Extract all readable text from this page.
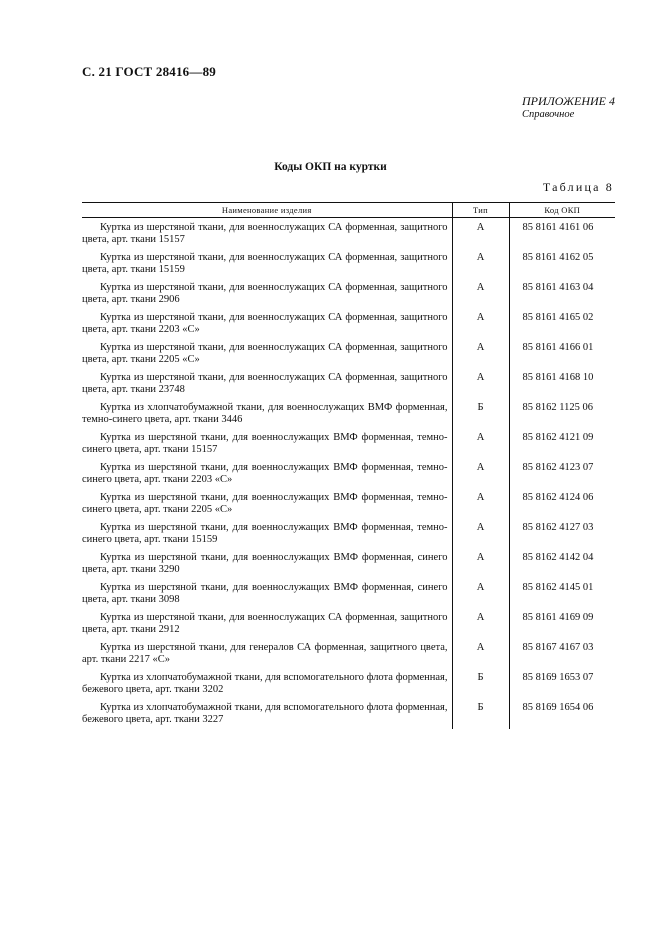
С. 21 ГОСТ 28416—89
ПРИЛОЖЕНИЕ 4
Справочное
Коды ОКП на куртки
Таблица 8
Наименование изделия	Тип	Код ОКП
Куртка из шерстяной ткани, для военнослужащих СА форменная, защитного цвета, арт. ткани 15157	А	85 8161 4161 06
Куртка из шерстяной ткани, для военнослужащих СА форменная, защитного цвета, арт. ткани 15159	А	85 8161 4162 05
Куртка из шерстяной ткани, для военнослужащих СА форменная, защитного цвета, арт. ткани 2906	А	85 8161 4163 04
Куртка из шерстяной ткани, для военнослужащих СА форменная, защитного цвета, арт. ткани 2203 «С»	А	85 8161 4165 02
Куртка из шерстяной ткани, для военнослужащих СА форменная, защитного цвета, арт. ткани 2205 «С»	А	85 8161 4166 01
Куртка из шерстяной ткани, для военнослужащих СА форменная, защитного цвета, арт. ткани 23748	А	85 8161 4168 10
Куртка из хлопчатобумажной ткани, для военнослужащих ВМФ форменная, темно-синего цвета, арт. ткани 3446	Б	85 8162 1125 06
Куртка из шерстяной ткани, для военнослужащих ВМФ форменная, темно-синего цвета, арт. ткани 15157	А	85 8162 4121 09
Куртка из шерстяной ткани, для военнослужащих ВМФ форменная, темно-синего цвета, арт. ткани 2203 «С»	А	85 8162 4123 07
Куртка из шерстяной ткани, для военнослужащих ВМФ форменная, темно-синего цвета, арт. ткани 2205 «С»	А	85 8162 4124 06
Куртка из шерстяной ткани, для военнослужащих ВМФ форменная, темно-синего цвета, арт. ткани 15159	А	85 8162 4127 03
Куртка из шерстяной ткани, для военнослужащих ВМФ форменная, синего цвета, арт. ткани 3290	А	85 8162 4142 04
Куртка из шерстяной ткани, для военнослужащих ВМФ форменная, синего цвета, арт. ткани 3098	А	85 8162 4145 01
Куртка из шерстяной ткани, для военнослужащих СА форменная, защитного цвета, арт. ткани 2912	А	85 8161 4169 09
Куртка из шерстяной ткани, для генералов СА форменная, защитного цвета, арт. ткани 2217 «С»	А	85 8167 4167 03
Куртка из хлопчатобумажной ткани, для вспомогательного флота форменная, бежевого цвета, арт. ткани 3202	Б	85 8169 1653 07
Куртка из хлопчатобумажной ткани, для вспомогательного флота форменная, бежевого цвета, арт. ткани 3227	Б	85 8169 1654 06
